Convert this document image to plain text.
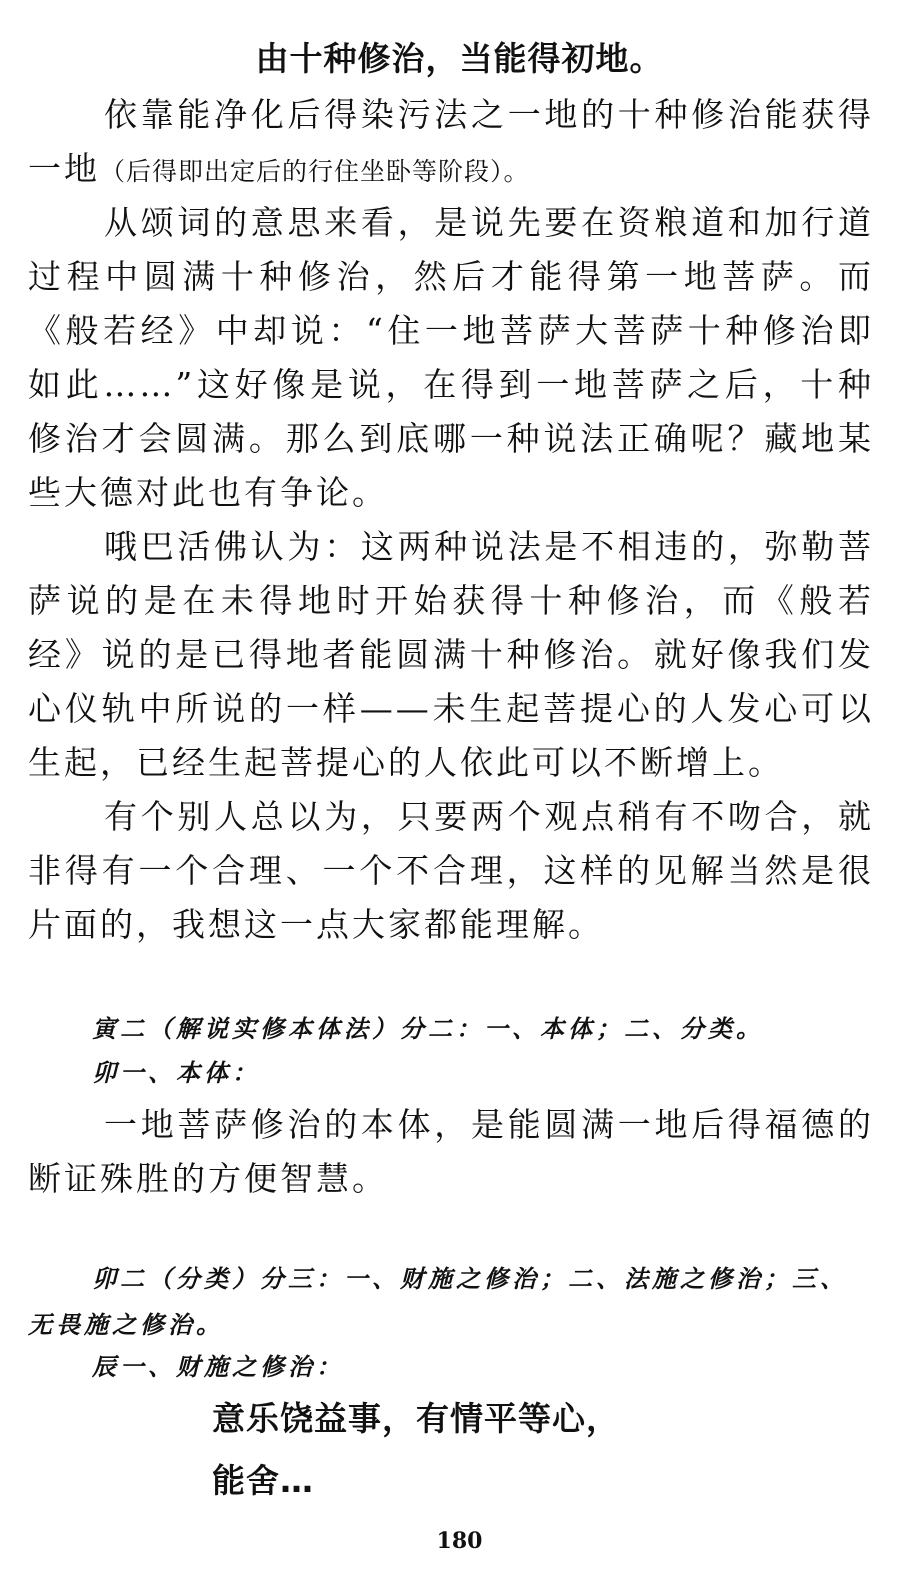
由十种修治，当能得初地。

依靠能净化后得染污法之一地的十种修治能获得一地（后得即出定后的行住坐卧等阶段）。

从颂词的意思来看，是说先要在资粮道和加行道过程中圆满十种修治，然后才能得第一地菩萨。而《般若经》中却说：“住一地菩萨大菩萨十种修治即如此……”这好像是说，在得到一地菩萨之后，十种修治才会圆满。那么到底哪一种说法正确呢？藏地某些大德对此也有争论。

哦巴活佛认为：这两种说法是不相违的，弥勒菩萨说的是在未得地时开始获得十种修治，而《般若经》说的是已得地者能圆满十种修治。就好像我们发心仪轨中所说的一样——未生起菩提心的人发心可以生起，已经生起菩提心的人依此可以不断增上。

有个别人总以为，只要两个观点稍有不吻合，就非得有一个合理、一个不合理，这样的见解当然是很片面的，我想这一点大家都能理解。

寅二（解说实修本体法）分二：一、本体；二、分类。

卯一、本体：

一地菩萨修治的本体，是能圆满一地后得福德的断证殊胜的方便智慧。

卯二（分类）分三：一、财施之修治；二、法施之修治；三、无畏施之修治。

辰一、财施之修治：

意乐饶益事，有情平等心，
能舍…
180
